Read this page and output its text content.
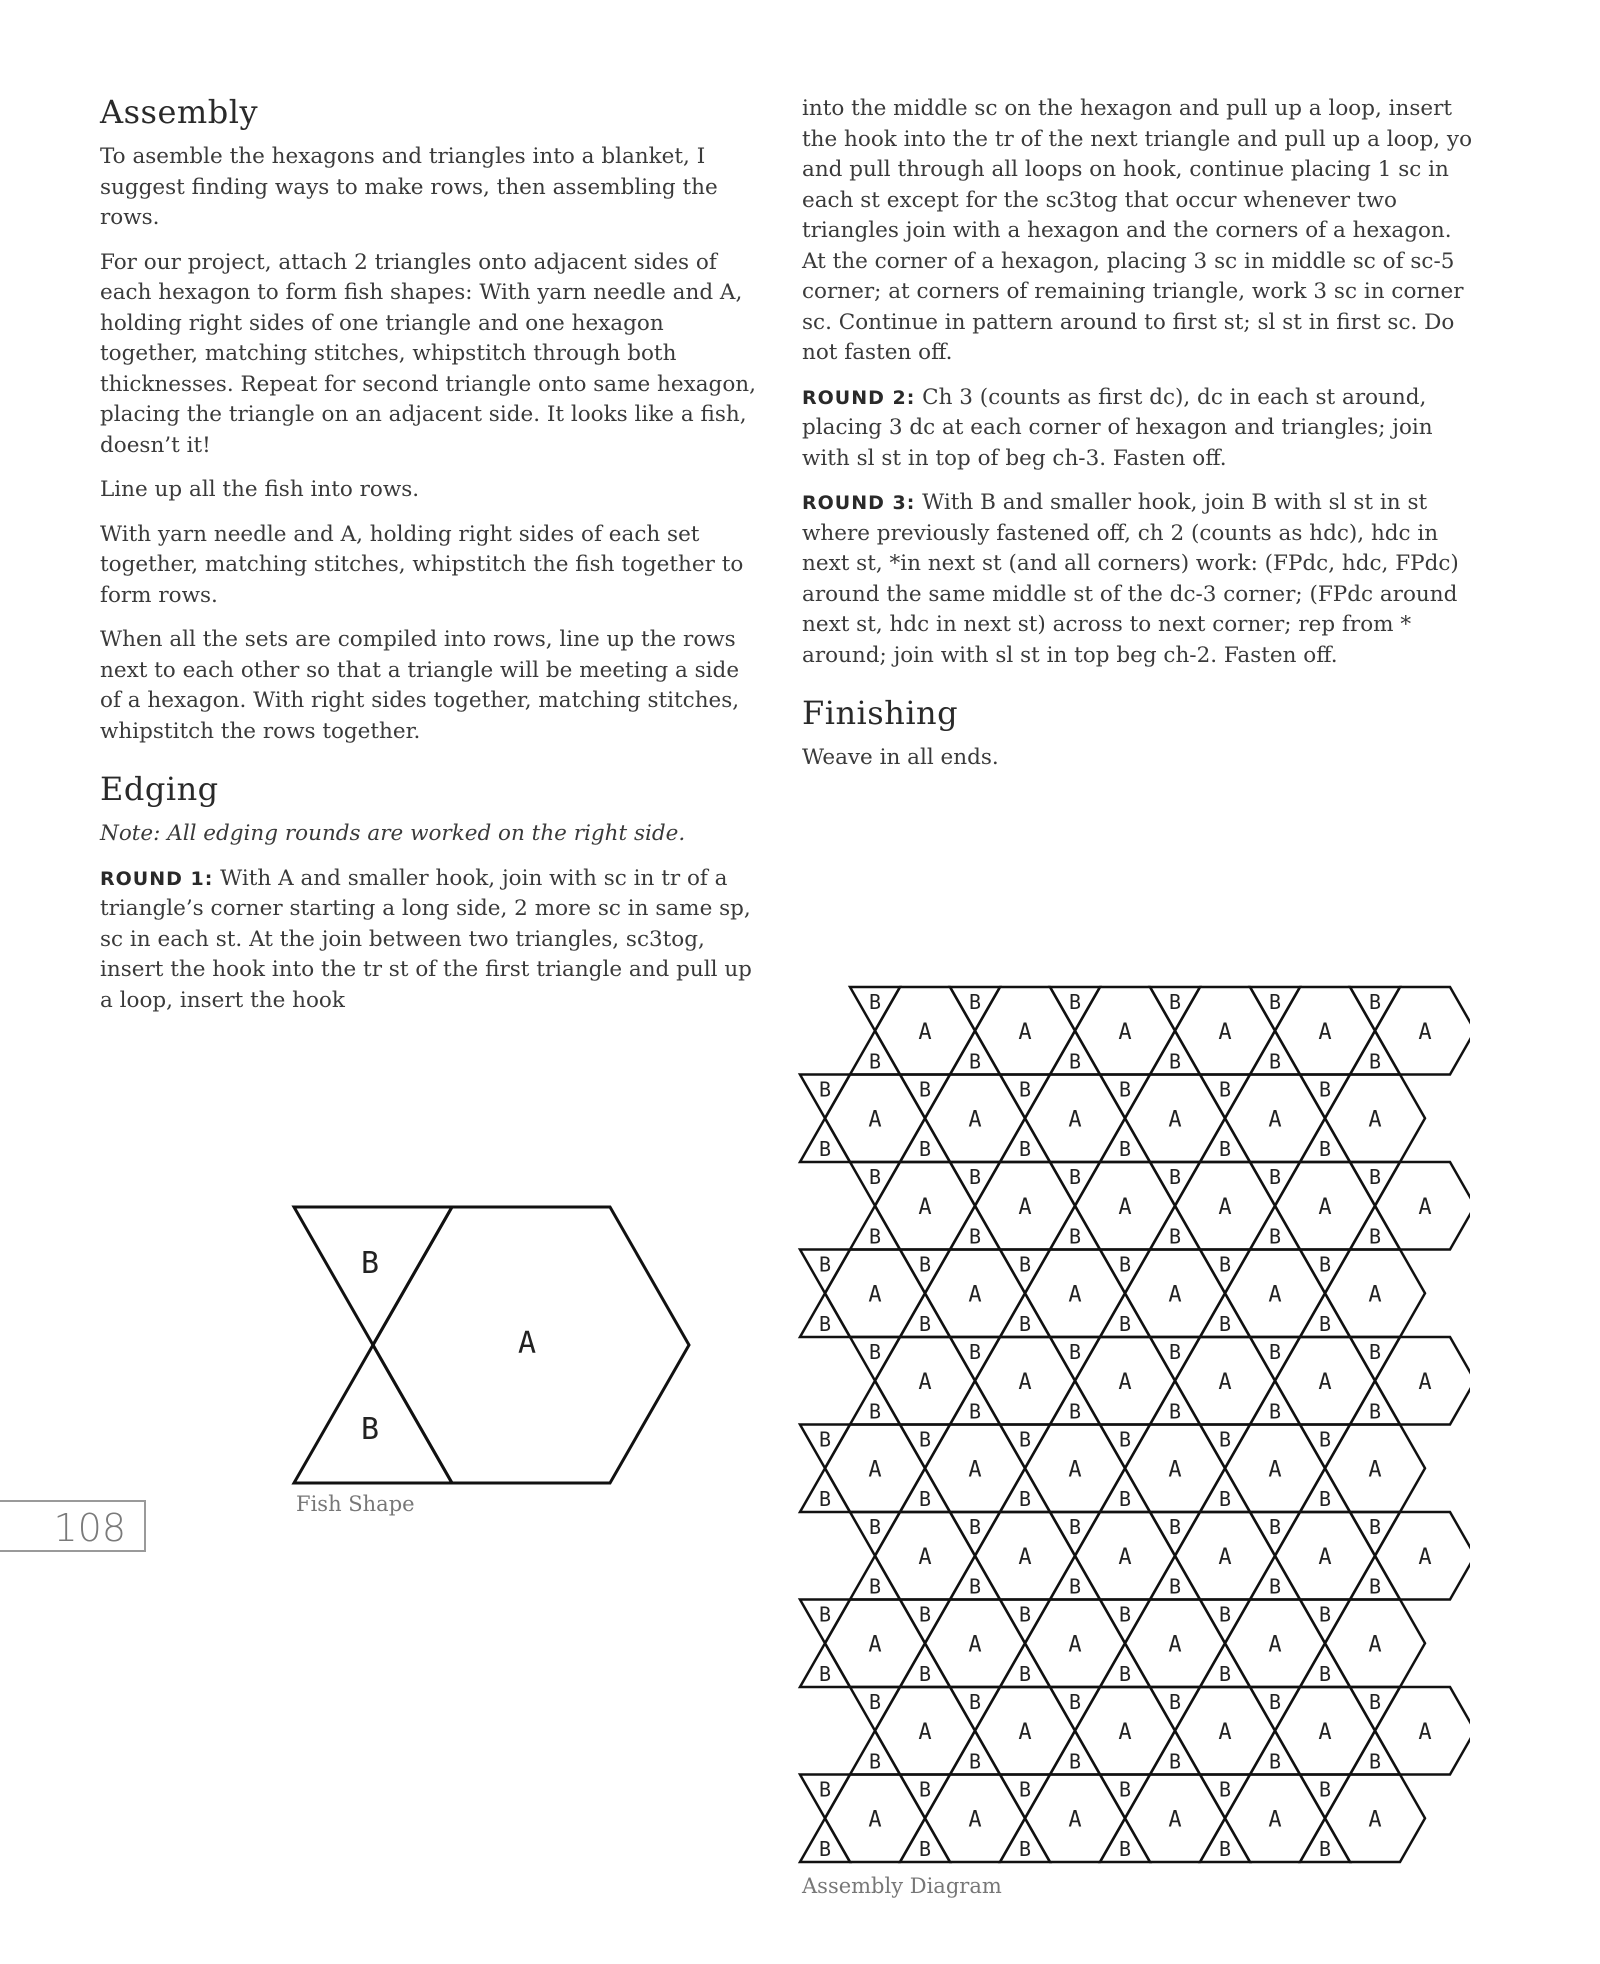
Assembly

To asemble the hexagons and triangles into a blanket, I suggest finding ways to make rows, then assembling the rows.

For our project, attach 2 triangles onto adjacent sides of each hexagon to form fish shapes: With yarn needle and A, holding right sides of one triangle and one hexagon together, matching stitches, whipstitch through both thicknesses. Repeat for second triangle onto same hexagon, placing the triangle on an adjacent side. It looks like a fish, doesn’t it!

Line up all the fish into rows.

With yarn needle and A, holding right sides of each set together, matching stitches, whipstitch the fish together to form rows.

When all the sets are compiled into rows, line up the rows next to each other so that a triangle will be meeting a side of a hexagon. With right sides together, matching stitches, whipstitch the rows together.

Edging

Note: All edging rounds are worked on the right side.

ROUND 1: With A and smaller hook, join with sc in tr of a triangle’s corner starting a long side, 2 more sc in same sp, sc in each st. At the join between two triangles, sc3tog, insert the hook into the tr st of the first triangle and pull up a loop, insert the hook

into the middle sc on the hexagon and pull up a loop, insert the hook into the tr of the next triangle and pull up a loop, yo and pull through all loops on hook, continue placing 1 sc in each st except for the sc3tog that occur whenever two triangles join with a hexagon and the corners of a hexagon. At the corner of a hexagon, placing 3 sc in middle sc of sc-5 corner; at corners of remaining triangle, work 3 sc in corner sc. Continue in pattern around to first st; sl st in first sc. Do not fasten off.

ROUND 2: Ch 3 (counts as first dc), dc in each st around, placing 3 dc at each corner of hexagon and triangles; join with sl st in top of beg ch-3. Fasten off.

ROUND 3: With B and smaller hook, join B with sl st in st where previously fastened off, ch 2 (counts as hdc), hdc in next st, *in next st (and all corners) work: (FPdc, hdc, FPdc) around the same middle st of the dc-3 corner; (FPdc around next st, hdc in next st) across to next corner; rep from * around; join with sl st in top beg ch-2. Fasten off.

Finishing

Weave in all ends.

B
A
B
Fish Shape
B
B
A
B
B
A
B
B
A
B
B
A
B
B
A
B
B
A
B
B
A
B
B
A
B
B
A
B
B
A
B
B
A
B
B
A
B
B
A
B
B
A
B
B
A
B
B
A
B
B
A
B
B
A
B
B
A
B
B
A
B
B
A
B
B
A
B
B
A
B
B
A
B
B
A
B
B
A
B
B
A
B
B
A
B
B
A
B
B
A
B
B
A
B
B
A
B
B
A
B
B
A
B
B
A
B
B
A
B
B
A
B
B
A
B
B
A
B
B
A
B
B
A
B
B
A
B
B
A
B
B
A
B
B
A
B
B
A
B
B
A
B
B
A
B
B
A
B
B
A
B
B
A
B
B
A
B
B
A
B
B
A
B
B
A
B
B
A
B
B
A
B
B
A
B
B
A
B
B
A
Assembly Diagram
108
